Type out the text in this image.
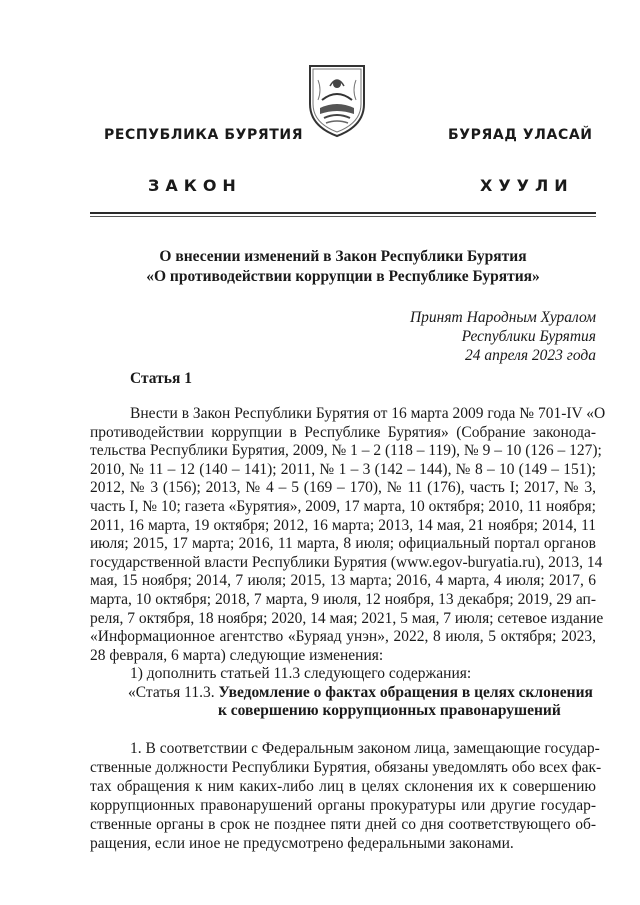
РЕСПУБЛИКА БУРЯТИЯ	БУРЯАД УЛАСАЙ
ЗАКОН	ХУУЛИ
О внесении изменений в Закон Республики Бурятия
«О противодействии коррупции в Республике Бурятия»
Принят Народным Хуралом
Республики Бурятия
24 апреля 2023 года
Статья 1
Внести в Закон Республики Бурятия от 16 марта 2009 года № 701-IV «О
противодействии коррупции в Республике Бурятия» (Собрание законода-
тельства Республики Бурятия, 2009, № 1 – 2 (118 – 119), № 9 – 10 (126 – 127);
2010, № 11 – 12 (140 – 141); 2011, № 1 – 3 (142 – 144), № 8 – 10 (149 – 151);
2012, № 3 (156); 2013, № 4 – 5 (169 – 170), № 11 (176), часть I; 2017, № 3,
часть I, № 10; газета «Бурятия», 2009, 17 марта, 10 октября; 2010, 11 ноября;
2011, 16 марта, 19 октября; 2012, 16 марта; 2013, 14 мая, 21 ноября; 2014, 11
июля; 2015, 17 марта; 2016, 11 марта, 8 июля; официальный портал органов
государственной власти Республики Бурятия (www.egov-buryatia.ru), 2013, 14
мая, 15 ноября; 2014, 7 июля; 2015, 13 марта; 2016, 4 марта, 4 июля; 2017, 6
марта, 10 октября; 2018, 7 марта, 9 июля, 12 ноября, 13 декабря; 2019, 29 ап-
реля, 7 октября, 18 ноября; 2020, 14 мая; 2021, 5 мая, 7 июля; сетевое издание
«Информационное агентство «Буряад унэн», 2022, 8 июля, 5 октября; 2023,
28 февраля, 6 марта) следующие изменения:
1) дополнить статьей 11.3 следующего содержания:
«Статья 11.3. Уведомление о фактах обращения в целях склонения
к совершению коррупционных правонарушений
1. В соответствии с Федеральным законом лица, замещающие государ-
ственные должности Республики Бурятия, обязаны уведомлять обо всех фак-
тах обращения к ним каких-либо лиц в целях склонения их к совершению
коррупционных правонарушений органы прокуратуры или другие государ-
ственные органы в срок не позднее пяти дней со дня соответствующего об-
ращения, если иное не предусмотрено федеральными законами.
